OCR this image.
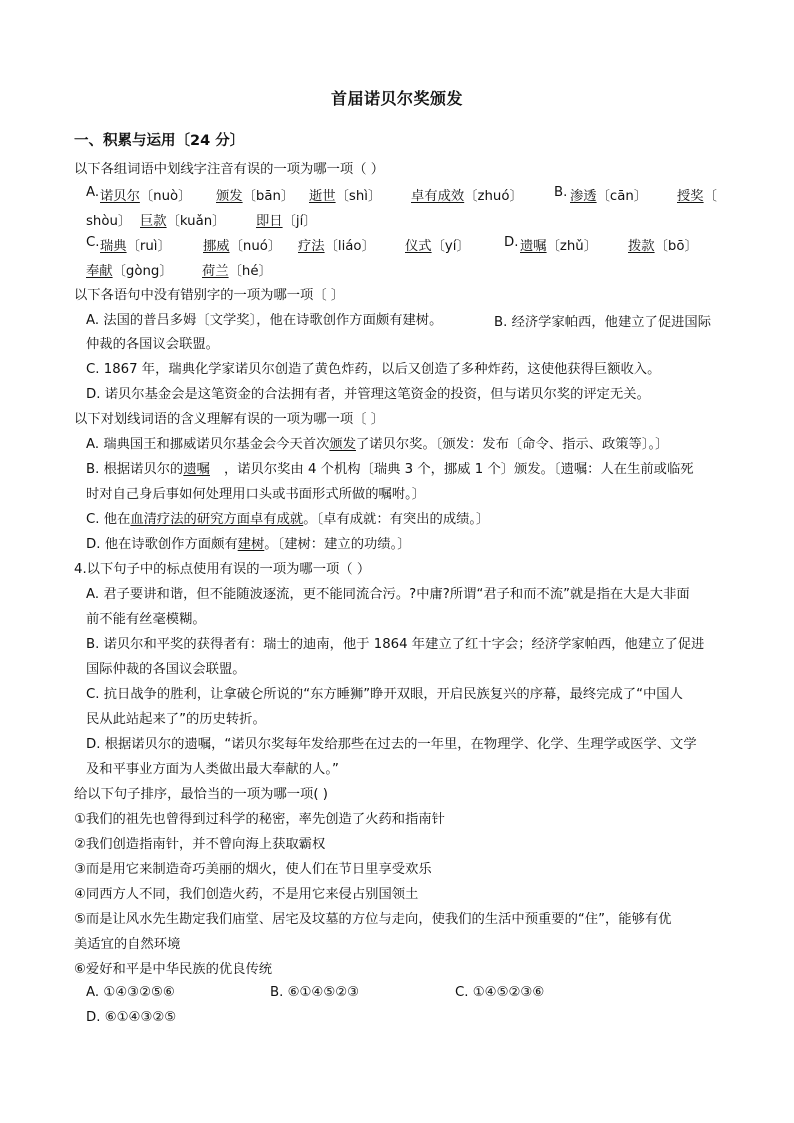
首届诺贝尔奖颁发
一、积累与运用〔24 分〕
以下各组词语中划线字注音有误的一项为哪一项（ ）
A. 诺贝尔〔nuò〕 颁发〔bān〕 逝世〔shì〕 卓有成效〔zhuó〕 B. 渗透〔cān〕 授奖〔
shòu〕 巨款〔kuǎn〕 即日〔jí〕
C. 瑞典〔ruì〕 挪威〔nuó〕 疗法〔liáo〕 仪式〔yí〕	D. 遗嘱〔zhǔ〕 拨款〔bō〕
奉献〔gòng〕 荷兰〔hé〕
以下各语句中没有错别字的一项为哪一项〔 〕
A. 法国的普吕多姆〔文学奖〕，他在诗歌创作方面颇有建树。	B. 经济学家帕西，他建立了促进国际
仲裁的各国议会联盟。
C. 1867 年，瑞典化学家诺贝尔创造了黄色炸药，以后又创造了多种炸药，这使他获得巨额收入。
D. 诺贝尔基金会是这笔资金的合法拥有者，并管理这笔资金的投资，但与诺贝尔奖的评定无关。
以下对划线词语的含义理解有误的一项为哪一项〔 〕
A. 瑞典国王和挪威诺贝尔基金会今天首次颁发了诺贝尔奖。〔颁发：发布〔命令、指示、政策等〕。〕
B. 根据诺贝尔的遗嘱 ，诺贝尔奖由 4 个机构〔瑞典 3 个，挪威 1 个〕颁发。〔遗嘱：人在生前或临死
时对自己身后事如何处理用口头或书面形式所做的嘱咐。〕
C. 他在血清疗法的研究方面卓有成就。〔卓有成就：有突出的成绩。〕
D. 他在诗歌创作方面颇有建树。〔建树：建立的功绩。〕
4.以下句子中的标点使用有误的一项为哪一项（ ）
A. 君子要讲和谐，但不能随波逐流，更不能同流合污。?中庸?所谓“君子和而不流”就是指在大是大非面
前不能有丝毫模糊。
B. 诺贝尔和平奖的获得者有：瑞士的迪南，他于 1864 年建立了红十字会；经济学家帕西，他建立了促进
国际仲裁的各国议会联盟。
C. 抗日战争的胜利，让拿破仑所说的“东方睡狮”睁开双眼，开启民族复兴的序幕，最终完成了“中国人
民从此站起来了”的历史转折。
D. 根据诺贝尔的遗嘱，“诺贝尔奖每年发给那些在过去的一年里，在物理学、化学、生理学或医学、文学
及和平事业方面为人类做出最大奉献的人。”
给以下句子排序，最恰当的一项为哪一项( )
①我们的祖先也曾得到过科学的秘密，率先创造了火药和指南针
②我们创造指南针，并不曾向海上获取霸权
③而是用它来制造奇巧美丽的烟火，使人们在节日里享受欢乐
④同西方人不同，我们创造火药，不是用它来侵占别国领土
⑤而是让风水先生勘定我们庙堂、居宅及坟墓的方位与走向，使我们的生活中预重要的“住”，能够有优
美适宜的自然环境
⑥爱好和平是中华民族的优良传统
A. ①④③②⑤⑥	B. ⑥①④⑤②③	C. ①④⑤②③⑥
D. ⑥①④③②⑤
